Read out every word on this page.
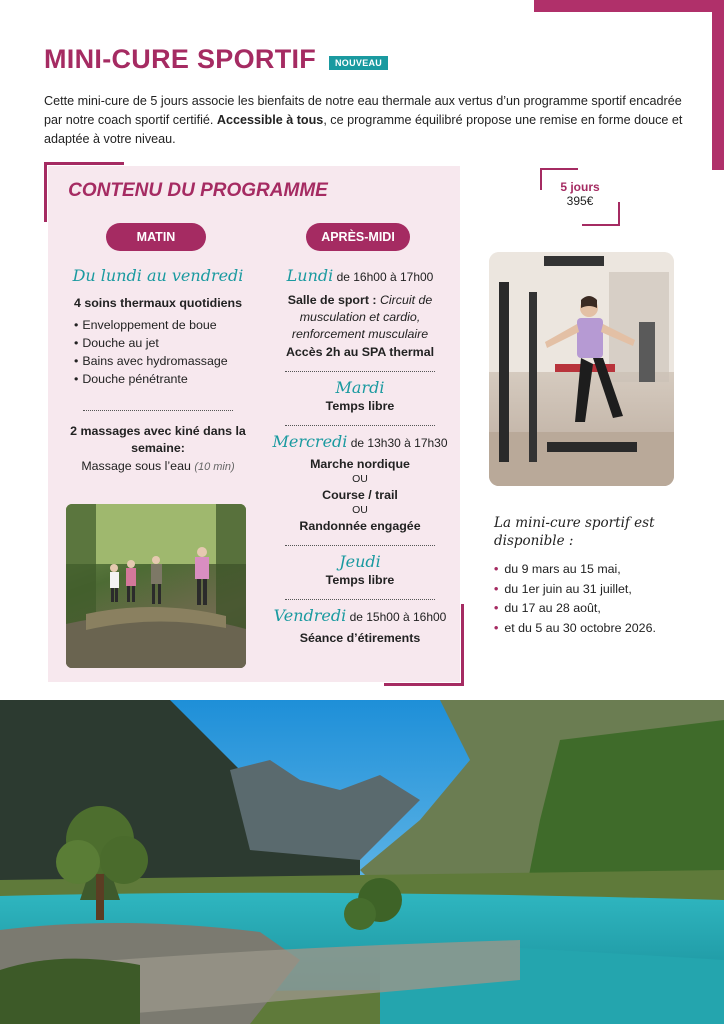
MINI-CURE SPORTIF	NOUVEAU

Cette mini-cure de 5 jours associe les bienfaits de notre eau thermale aux vertus d’un programme sportif encadrée par notre coach sportif certifié. Accessible à tous, ce programme équilibré propose une remise en forme douce et adaptée à votre niveau.

CONTENU DU PROGRAMME
MATIN	APRÈS-MIDI
Du lundi au vendredi
4 soins thermaux quotidiens
• Enveloppement de boue
• Douche au jet
• Bains avec hydromassage
• Douche pénétrante
2 massages avec kiné dans la semaine:
Massage sous l’eau (10 min)
Lundi de 16h00 à 17h00
Salle de sport : Circuit de musculation et cardio, renforcement musculaire
Accès 2h au SPA thermal
Mardi
Temps libre
Mercredi de 13h30 à 17h30
Marche nordique
OU
Course / trail
OU
Randonnée engagée
Jeudi
Temps libre
Vendredi de 15h00 à 16h00
Séance d’étirements
5 jours
395€
La mini-cure sportif est disponible :
• du 9 mars au 15 mai,
• du 1er juin au 31 juillet,
• du 17 au 28 août,
• et du 5 au 30 octobre 2026.
